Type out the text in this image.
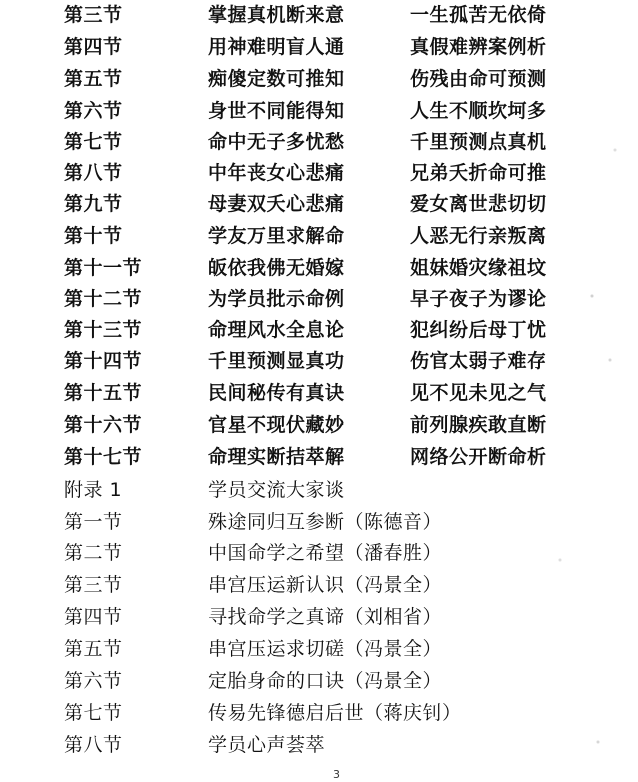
第三节	掌握真机断来意	一生孤苦无依倚
第四节	用神难明盲人通	真假难辨案例析
第五节	痴傻定数可推知	伤残由命可预测
第六节	身世不同能得知	人生不顺坎坷多
第七节	命中无子多忧愁	千里预测点真机
第八节	中年丧女心悲痛	兄弟夭折命可推
第九节	母妻双夭心悲痛	爱女离世悲切切
第十节	学友万里求解命	人恶无行亲叛离
第十一节	皈依我佛无婚嫁	姐妹婚灾缘祖坟
第十二节	为学员批示命例	早子夜子为谬论
第十三节	命理风水全息论	犯纠纷后母丁忧
第十四节	千里预测显真功	伤官太弱子难存
第十五节	民间秘传有真诀	见不见未见之气
第十六节	官星不现伏藏妙	前列腺疾敢直断
第十七节	命理实断拮萃解	网络公开断命析
附录 1	学员交流大家谈
第一节	殊途同归互参断（陈德音）
第二节	中国命学之希望（潘春胜）
第三节	串宫压运新认识（冯景全）
第四节	寻找命学之真谛（刘相省）
第五节	串宫压运求切磋（冯景全）
第六节	定胎身命的口诀（冯景全）
第七节	传易先锋德启后世（蒋庆钊）
第八节	学员心声荟萃
3
